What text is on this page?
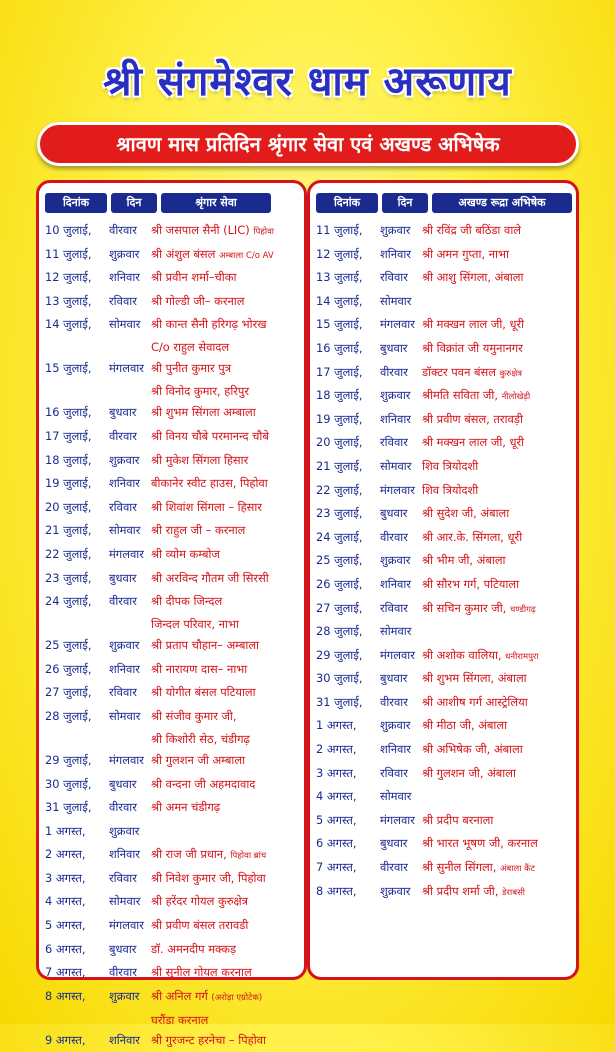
श्री संगमेश्वर धाम अरूणाय
श्रावण मास प्रतिदिन श्रृंगार सेवा एवं अखण्ड अभिषेक
दिनांक	दिन	श्रृंगार सेवा
10 जुलाई,	वीरवार	श्री जसपाल सैनी (LIC) पिहोवा
11 जुलाई,	शुक्रवार	श्री अंशुल बंसल अम्बाला C/o AV
12 जुलाई,	शनिवार श्री प्रवीन शर्मा–चीका
13 जुलाई,	रविवार	श्री गोल्डी जी– करनाल
14 जुलाई,	सोमवार श्री कान्त सैनी हरिगढ़ भोरख
C/o राहुल सेवादल
15 जुलाई,	मंगलवार श्री पुनीत कुमार पुत्र
श्री विनोद कुमार, हरिपुर
16 जुलाई,	बुधवार	श्री शुभम सिंगला अम्बाला
17 जुलाई,	वीरवार	श्री विनय चौबे परमानन्द चौबे
18 जुलाई,	शुक्रवार	श्री मुकेश सिंगला हिसार
19 जुलाई,	शनिवार बीकानेर स्वीट हाउस, पिहोवा
20 जुलाई,	रविवार	श्री शिवांश सिंगला – हिसार
21 जुलाई,	सोमवार श्री राहुल जी – करनाल
22 जुलाई,	मंगलवार श्री व्योम कम्बोज
23 जुलाई,	बुधवार	श्री अरविन्द गौतम जी सिरसी
24 जुलाई,	वीरवार	श्री दीपक जिन्दल
जिन्दल परिवार, नाभा
25 जुलाई,	शुक्रवार	श्री प्रताप चौहान– अम्बाला
26 जुलाई,	शनिवार श्री नारायण दास– नाभा
27 जुलाई,	रविवार	श्री योगीत बंसल पटियाला
28 जुलाई,	सोमवार श्री संजीव कुमार जी,
श्री किशोरी सेठ, चंडीगढ़
29 जुलाई,	मंगलवार श्री गुलशन जी अम्बाला
30 जुलाई,	बुधवार	श्री वन्दना जी अहमदावाद
31 जुलाई,	वीरवार	श्री अमन चंडीगढ़
1 अगस्त,	शुक्रवार
2 अगस्त,	शनिवार श्री राज जी प्रधान, पिहोवा ब्रांच
3 अगस्त,	रविवार	श्री निवेश कुमार जी, पिहोवा
4 अगस्त,	सोमवार श्री हरेंदर गोयल कुरुक्षेत्र
5 अगस्त,	मंगलवार श्री प्रवीण बंसल तरावडी
6 अगस्त,	बुधवार	डॉ. अमनदीप मक्कड़
7 अगस्त,	वीरवार	श्री सुनील गोयल करनाल
8 अगस्त,	शुक्रवार	श्री अनिल गर्ग (अरोड़ा एग्रोटेक)
घरौंडा करनाल
9 अगस्त,	शनिवार श्री गुरजन्ट हरनेचा – पिहोवा
दिनांक	दिन	अखण्ड रूद्रा अभिषेक
11 जुलाई,	शुक्रवार	श्री रविंद्र जी बठिंडा वाले
12 जुलाई,	शनिवार श्री अमन गुप्ता, नाभा
13 जुलाई,	रविवार	श्री आशु सिंगला, अंबाला
14 जुलाई,	सोमवार
15 जुलाई,	मंगलवार श्री मक्खन लाल जी, धूरी
16 जुलाई,	बुधवार	श्री विक्रांत जी यमुनानगर
17 जुलाई,	वीरवार	डॉक्टर पवन बंसल कुरुक्षेत्र
18 जुलाई,	शुक्रवार	श्रीमति सविता जी, नीलोखेड़ी
19 जुलाई,	शनिवार श्री प्रवीण बंसल, तरावड़ी
20 जुलाई,	रविवार	श्री मक्खन लाल जी, धूरी
21 जुलाई,	सोमवार शिव त्रियोदशी
22 जुलाई,	मंगलवार शिव त्रियोदशी
23 जुलाई,	बुधवार	श्री सुदेश जी, अंबाला
24 जुलाई,	वीरवार	श्री आर.के. सिंगला, धूरी
25 जुलाई,	शुक्रवार	श्री भीम जी, अंबाला
26 जुलाई,	शनिवार श्री सौरभ गर्ग, पटियाला
27 जुलाई,	रविवार	श्री सचिन कुमार जी, चण्डीगढ़
28 जुलाई,	सोमवार
29 जुलाई,	मंगलवार श्री अशोक वालिया, धनीरामपुरा
30 जुलाई,	बुधवार	श्री शुभम सिंगला, अंबाला
31 जुलाई,	वीरवार	श्री आशीष गर्ग आस्ट्रेलिया
1 अगस्त,	शुक्रवार	श्री मीठा जी, अंबाला
2 अगस्त,	शनिवार श्री अभिषेक जी, अंबाला
3 अगस्त,	रविवार	श्री गुलशन जी, अंबाला
4 अगस्त,	सोमवार
5 अगस्त,	मंगलवार श्री प्रदीप बरनाला
6 अगस्त,	बुधवार	श्री भारत भूषण जी, करनाल
7 अगस्त,	वीरवार	श्री सुनील सिंगला, अंबाला कैंट
8 अगस्त,	शुक्रवार	श्री प्रदीप शर्मा जी, डेराबसी
